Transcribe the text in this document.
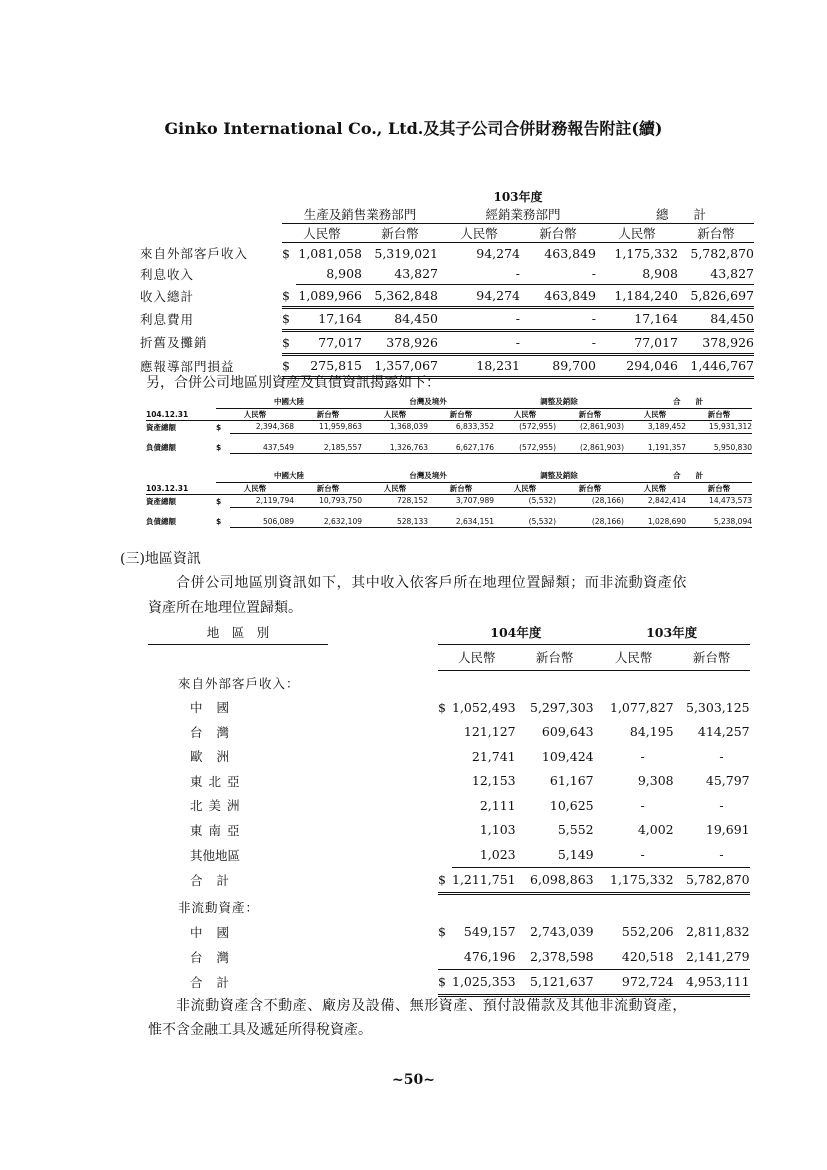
Ginko International Co., Ltd.及其子公司合併財務報告附註(續)
	103年度						
	生產及銷售業務部門			經銷業務部門		總　　計	
	人民幣		新台幣	人民幣	新台幣	人民幣	新台幣
來自外部客戶收入	$	1,081,058	5,319,021	94,274	463,849	1,175,332	5,782,870
利息收入		8,908	43,827	-	-	8,908	43,827
收入總計	$	1,089,966	5,362,848	94,274	463,849	1,184,240	5,826,697
利息費用	$	17,164	84,450	-	-	17,164	84,450
折舊及攤銷	$	77,017	378,926	-	-	77,017	378,926
應報導部門損益	$	275,815	1,357,067	18,231	89,700	294,046	1,446,767
另，合併公司地區別資產及負債資訊揭露如下：
	中國大陸			台灣及境外		調整及銷除		合　　計	
104.12.31	人民幣		新台幣	人民幣	新台幣	人民幣	新台幣	人民幣	新台幣
資產總額	$	2,394,368	11,959,863	1,368,039	6,833,352	(572,955)	(2,861,903)	3,189,452	15,931,312

負債總額	$	437,549	2,185,557	1,326,763	6,627,176	(572,955)	(2,861,903)	1,191,357	5,950,830
	中國大陸			台灣及境外		調整及銷除		合　　計	
103.12.31	人民幣		新台幣	人民幣	新台幣	人民幣	新台幣	人民幣	新台幣
資產總額	$	2,119,794	10,793,750	728,152	3,707,989	(5,532)	(28,166)	2,842,414	14,473,573

負債總額	$	506,089	2,632,109	528,133	2,634,151	(5,532)	(28,166)	1,028,690	5,238,094
(三)地區資訊
合併公司地區別資訊如下，其中收入依客戶所在地理位置歸類；而非流動資產依
資產所在地理位置歸類。
地　區　別		104年度			103年度	
		人民幣		新台幣	人民幣	新台幣
來自外部客戶收入：						
中國		$	1,052,493	5,297,303	1,077,827	5,303,125
台灣			121,127	609,643	84,195	414,257
歐洲			21,741	109,424	-	-
東北亞			12,153	61,167	9,308	45,797
北美洲			2,111	10,625	-	-
東南亞			1,103	5,552	4,002	19,691
其他地區			1,023	5,149	-	-
合計		$	1,211,751	6,098,863	1,175,332	5,782,870
非流動資產：						
中國		$	549,157	2,743,039	552,206	2,811,832
台灣			476,196	2,378,598	420,518	2,141,279
合計		$	1,025,353	5,121,637	972,724	4,953,111
非流動資產含不動產、廠房及設備、無形資產、預付設備款及其他非流動資產，
惟不含金融工具及遞延所得稅資產。
~50~
